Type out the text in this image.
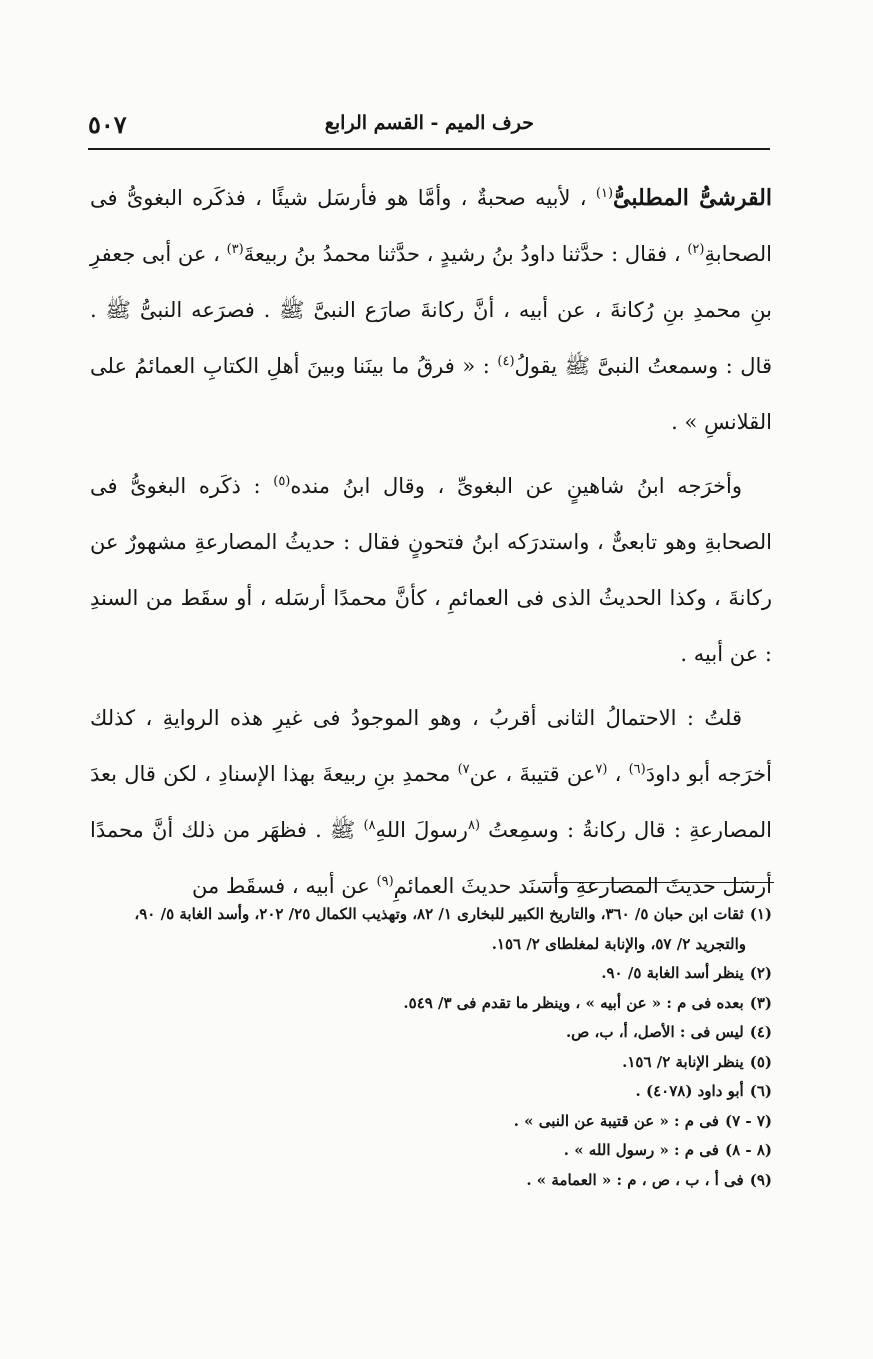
٥٠٧	حرف الميم - القسم الرابع

القرشىُّ المطلبىُّ$^{(١)}$ ، لأبيه صحبةٌ ، وأمَّا هو فأرسَل شيئًا ، فذكَره البغوىُّ فى الصحابةِ$^{(٢)}$ ، فقال : حدَّثنا داودُ بنُ رشيدٍ ، حدَّثنا محمدُ بنُ ربيعةَ$^{(٣)}$ ، عن أبى جعفرِ بنِ محمدِ بنِ رُكانةَ ، عن أبيه ، أنَّ ركانةَ صارَع النبىَّ ﷺ . فصرَعه النبىُّ ﷺ . قال : وسمعتُ النبىَّ ﷺ يقولُ$^{(٤)}$ : « فرقُ ما بينَنا وبينَ أهلِ الكتابِ العمائمُ على القلانسِ » .

وأخرَجه ابنُ شاهينٍ عن البغوىِّ ، وقال ابنُ منده$^{(٥)}$ : ذكَره البغوىُّ فى الصحابةِ وهو تابعىٌّ ، واستدرَكه ابنُ فتحونٍ فقال : حديثُ المصارعةِ مشهورٌ عن ركانةَ ، وكذا الحديثُ الذى فى العمائمِ ، كأنَّ محمدًا أرسَله ، أو سقَط من السندِ : عن أبيه .

قلتُ : الاحتمالُ الثانى أقربُ ، وهو الموجودُ فى غيرِ هذه الروايةِ ، كذلك أخرَجه أبو داودَ$^{(٦)}$ ، $^{(٧}$عن قتيبةَ ، عن$^{٧)}$ محمدِ بنِ ربيعةَ بهذا الإسنادِ ، لكن قال بعدَ المصارعةِ : قال ركانةُ : وسمِعتُ $^{(٨}$رسولَ اللهِ$^{٨)}$ ﷺ . فظهَر من ذلك أنَّ محمدًا أرسَل حديثَ المصارعةِ وأسنَد حديثَ العمائمِ$^{(٩)}$ عن أبيه ، فسقَط من

(١)ثقات ابن حبان ٥/ ٣٦٠، والتاريخ الكبير للبخارى ١/ ٨٢، وتهذيب الكمال ٢٥/ ٢٠٢، وأسد الغابة ٥/ ٩٠، والتجريد ٢/ ٥٧، والإنابة لمغلطاى ٢/ ١٥٦.

(٢)ينظر أسد الغابة ٥/ ٩٠.

(٣)بعده فى م : « عن أبيه » ، وينظر ما تقدم فى ٣/ ٥٤٩.

(٤)ليس فى : الأصل، أ، ب، ص.

(٥)ينظر الإنابة ٢/ ١٥٦.

(٦)أبو داود (٤٠٧٨) .

(٧ - ٧)فى م : « عن قتيبة عن النبى » .

(٨ - ٨)فى م : « رسول الله » .

(٩)فى أ ، ب ، ص ، م : « العمامة » .
